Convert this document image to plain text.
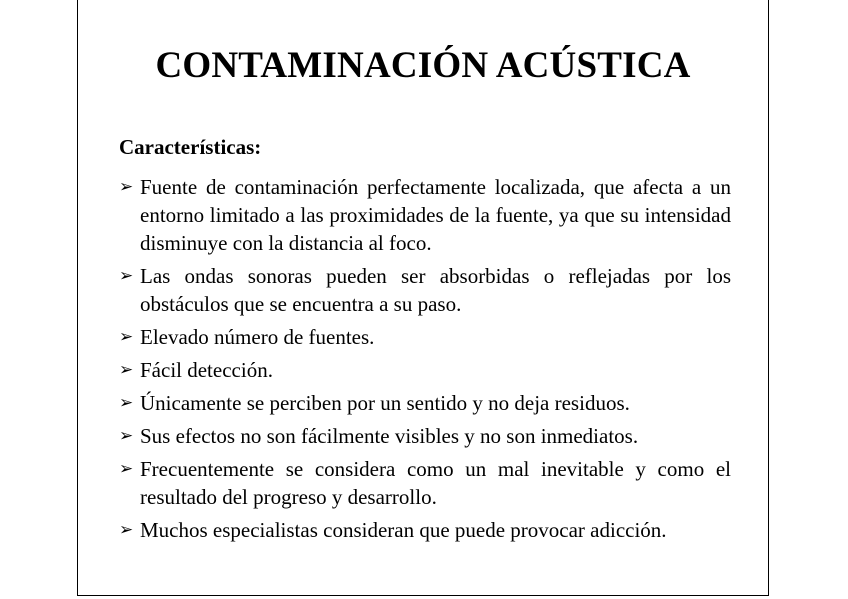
CONTAMINACIÓN ACÚSTICA
Características:
➢ Fuente de contaminación perfectamente localizada, que afecta a un entorno limitado a las proximidades de la fuente, ya que su intensidad disminuye con la distancia al foco.
➢ Las ondas sonoras pueden ser absorbidas o reflejadas por los obstáculos que se encuentra a su paso.
➢ Elevado número de fuentes.
➢ Fácil detección.
➢ Únicamente se perciben por un sentido y no deja residuos.
➢ Sus efectos no son fácilmente visibles y no son inmediatos.
➢ Frecuentemente se considera como un mal inevitable y como el resultado del progreso y desarrollo.
➢ Muchos especialistas consideran que puede provocar adicción.
